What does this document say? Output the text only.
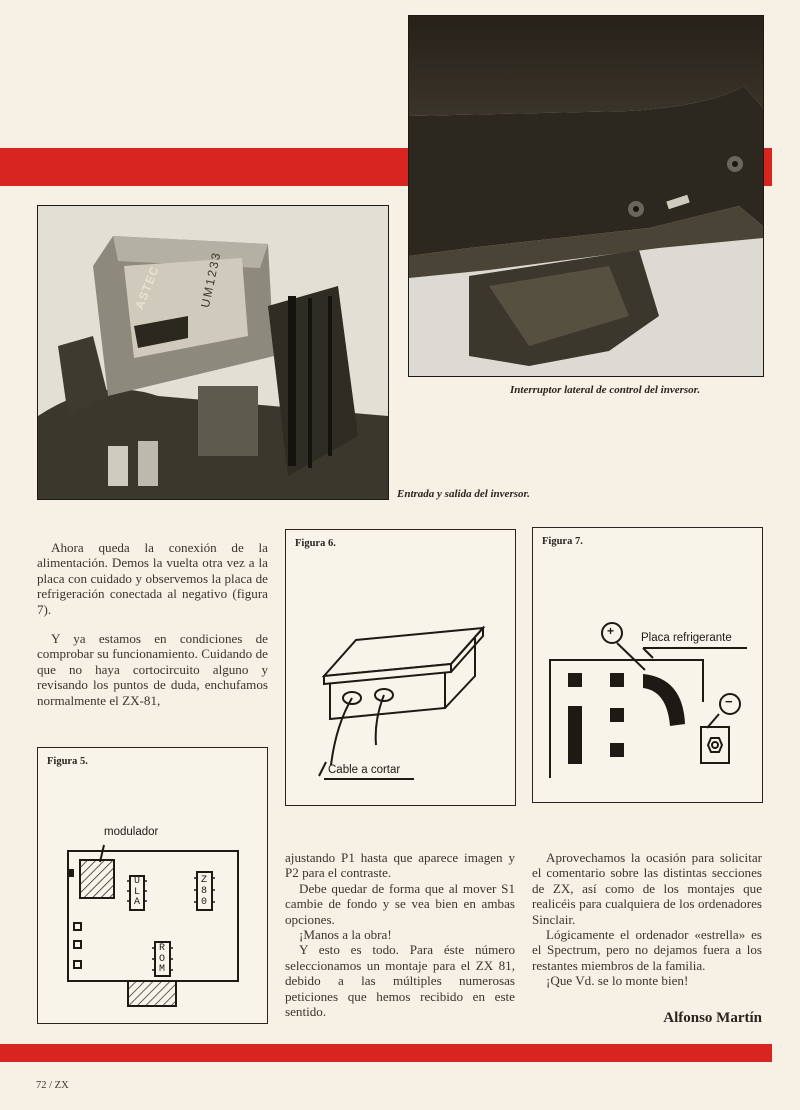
Interruptor lateral de control del inversor.
ASTEC	UM1233
Entrada y salida del inversor.

Ahora queda la conexión de la alimentación. Demos la vuelta otra vez a la placa con cuidado y observemos la placa de refrigeración conectada al negativo (figura 7).

Y ya estamos en condiciones de comprobar su funcionamiento. Cuidando de que no haya cortocircuito alguno y revisando los puntos de duda, enchufamos normalmente el ZX-81,

Figura 6.
Cable a cortar
Figura 7.
+
−
Placa refrigerante
Figura 5.
modulador
ULA
Z80
ROM

ajustando P1 hasta que aparece imagen y P2 para el contraste.

Debe quedar de forma que al mover S1 cambie de fondo y se vea bien en ambas opciones.

¡Manos a la obra!

Y esto es todo. Para éste número seleccionamos un montaje para el ZX 81, debido a las múltiples numerosas peticiones que hemos recibido en este sentido.

Aprovechamos la ocasión para solicitar el comentario sobre las distintas secciones de ZX, así como de los montajes que realicéis para cualquiera de los ordenadores Sinclair.

Lógicamente el ordenador «estrella» es el Spectrum, pero no dejamos fuera a los restantes miembros de la familia.

¡Que Vd. se lo monte bien!

Alfonso Martín
72 / ZX
